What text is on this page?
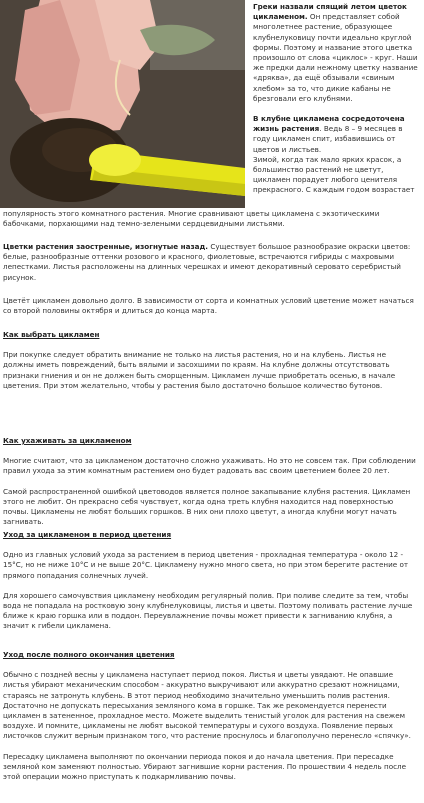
Греки назвали спящий летом цветок цикламеном. Он представляет собой многолетнее растение, образующее клубнелуковицу почти идеально круглой формы. Поэтому и название этого цветка произошло от слова «циклос» - круг. Наши же предки дали нежному цветку название «дряква», да ещё обзывали «свиным хлебом» за то, что дикие кабаны не брезговали его клубнями.

В клубне цикламена сосредоточена жизнь растения. Ведь 8 – 9 месяцев в году цикламен спит, избавившись от цветов и листьев.

Зимой, когда так мало ярких красок, а большинство растений не цветут, цикламен порадует любого ценителя прекрасного. С каждым годом возрастает

популярность этого комнатного растения. Многие сравнивают цветы цикламена с экзотическими бабочками, порхающими над темно-зелеными сердцевидными листьями.

Цветки растения заостренные, изогнутые назад. Существует большое разнообразие окраски цветов: белые, разнообразные оттенки розового и красного, фиолетовые, встречаются гибриды с махровыми лепестками. Листья расположены на длинных черешках и имеют декоративный серовато серебристый рисунок.

Цветёт цикламен довольно долго. В зависимости от сорта и комнатных условий цветение может начаться со второй половины октября и длиться до конца марта.

Как выбрать цикламен

При покупке следует обратить внимание не только на листья растения, но и на клубень. Листья не должны иметь повреждений, быть вялыми и засохшими по краям. На клубне должны отсутствовать признаки гниения и он не должен быть сморщенным. Цикламен лучше приобретать осенью, в начале цветения. При этом желательно, чтобы у растения было достаточно большое количество бутонов.

Как ухаживать за цикламеном

Многие считают, что за цикламеном достаточно сложно ухаживать. Но это не совсем так. При соблюдении правил ухода за этим комнатным растением оно будет радовать вас своим цветением более 20 лет.

Самой распространенной ошибкой цветоводов является полное закапывание клубня растения. Цикламен этого не любит. Он прекрасно себя чувствует, когда одна треть клубня находится над поверхностью почвы. Цикламены не любят больших горшков. В них они плохо цветут, а иногда клубни могут начать загнивать.

Уход за цикламеном в период цветения

Одно из главных условий ухода за растением в период цветения - прохладная температура - около 12 - 15°С, но не ниже 10°С и не выше 20°С. Цикламену нужно много света, но при этом берегите растение от прямого попадания солнечных лучей.

Для хорошего самочувствия цикламену необходим регулярный полив. При поливе следите за тем, чтобы вода не попадала на ростковую зону клубнелуковицы, листья и цветы. Поэтому поливать растение лучше ближе к краю горшка или в поддон. Переувлажнение почвы может привести к загниванию клубня, а значит к гибели цикламена.

Уход после полного окончания цветения

Обычно с поздней весны у цикламена наступает период покоя. Листья и цветы увядают. Не опавшие листья убирают механическим способом - аккуратно выкручивают или аккуратно срезают ножницами, стараясь не затронуть клубень. В этот период необходимо значительно уменьшить полив растения. Достаточно не допускать пересыхания земляного кома в горшке. Так же рекомендуется перенести цикламен в затененное, прохладное место. Можете выделить тенистый уголок для растения на свежем воздухе. И помните, цикламены не любят высокой температуры и сухого воздуха. Появление первых листочков служит верным признаком того, что растение проснулось и благополучно перенесло «спячку».

Пересадку цикламена выполняют по окончании периода покоя и до начала цветения. При пересадке земляной ком заменяют полностью. Убирают загнившие корни растения. По прошествии 4 недель после этой операции можно приступать к подкармливанию почвы.
